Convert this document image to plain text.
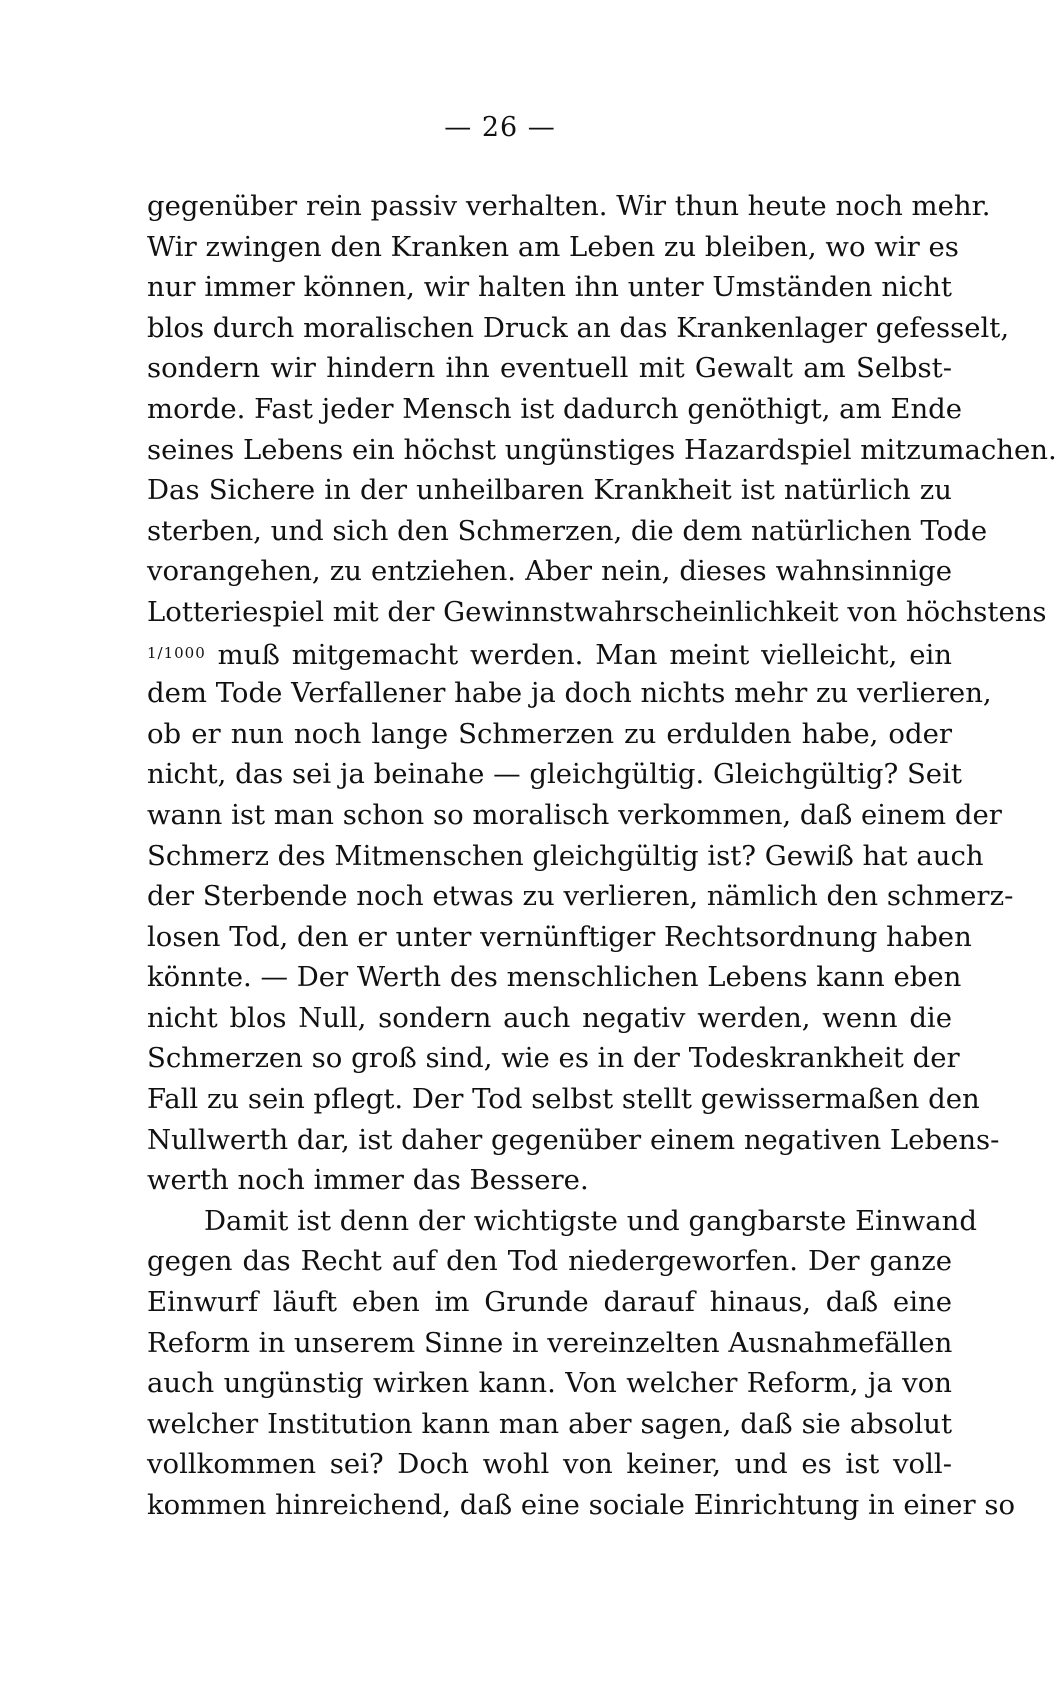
— 26 —
gegenüber rein passiv verhalten. Wir thun heute noch mehr.
Wir zwingen den Kranken am Leben zu bleiben, wo wir es
nur immer können, wir halten ihn unter Umständen nicht
blos durch moralischen Druck an das Krankenlager gefesselt,
sondern wir hindern ihn eventuell mit Gewalt am Selbst-
morde. Fast jeder Mensch ist dadurch genöthigt, am Ende
seines Lebens ein höchst ungünstiges Hazardspiel mitzumachen.
Das Sichere in der unheilbaren Krankheit ist natürlich zu
sterben, und sich den Schmerzen, die dem natürlichen Tode
vorangehen, zu entziehen. Aber nein, dieses wahnsinnige
Lotteriespiel mit der Gewinnstwahrscheinlichkeit von höchstens
$^{1/1000}$ muß mitgemacht werden. Man meint vielleicht, ein
dem Tode Verfallener habe ja doch nichts mehr zu verlieren,
ob er nun noch lange Schmerzen zu erdulden habe, oder
nicht, das sei ja beinahe — gleichgültig. Gleichgültig? Seit
wann ist man schon so moralisch verkommen, daß einem der
Schmerz des Mitmenschen gleichgültig ist? Gewiß hat auch
der Sterbende noch etwas zu verlieren, nämlich den schmerz-
losen Tod, den er unter vernünftiger Rechtsordnung haben
könnte. — Der Werth des menschlichen Lebens kann eben
nicht blos Null, sondern auch negativ werden, wenn die
Schmerzen so groß sind, wie es in der Todeskrankheit der
Fall zu sein pflegt. Der Tod selbst stellt gewissermaßen den
Nullwerth dar, ist daher gegenüber einem negativen Lebens-
werth noch immer das Bessere.
Damit ist denn der wichtigste und gangbarste Einwand
gegen das Recht auf den Tod niedergeworfen. Der ganze
Einwurf läuft eben im Grunde darauf hinaus, daß eine
Reform in unserem Sinne in vereinzelten Ausnahmefällen
auch ungünstig wirken kann. Von welcher Reform, ja von
welcher Institution kann man aber sagen, daß sie absolut
vollkommen sei? Doch wohl von keiner, und es ist voll-
kommen hinreichend, daß eine sociale Einrichtung in einer so
